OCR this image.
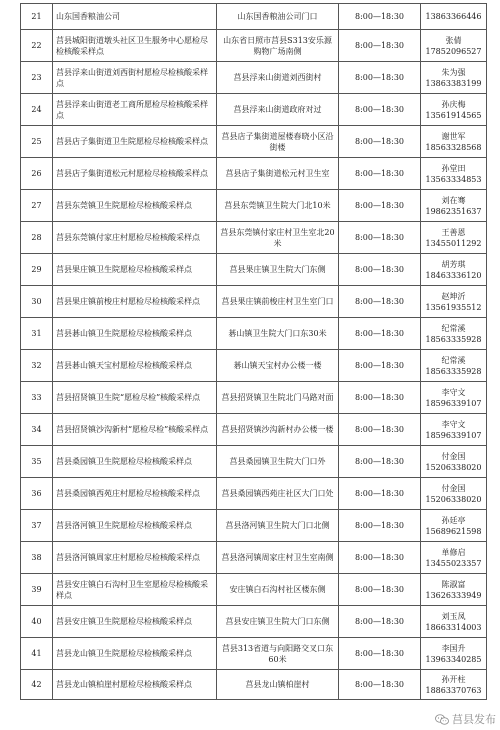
21	山东国香粮油公司	山东国香粮油公司门口	8:00—18:30	13863366446

22	莒县城阳街道墩头社区卫生服务中心愿检尽检核酸采样点	山东省日照市莒县S313安乐源购物广场南侧	8:00—18:30	张倩
17852096527

23	莒县浮来山街道刘西街村愿检尽检核酸采样点	莒县浮来山街道刘西街村	8:00—18:30	朱为强
13863383199

24	莒县浮来山街道老工商所愿检尽检核酸采样点	莒县浮来山街道政府对过	8:00—18:30	孙庆梅
13561914565

25	莒县店子集街道卫生院愿检尽检核酸采样点	莒县店子集街道屋楼春晓小区沿街楼	8:00—18:30	谢世军
18563328568

26	莒县店子集街道松元村愿检尽检核酸采样点	莒县店子集街道松元村卫生室	8:00—18:30	孙堂田
13563334853

27	莒县东莞镇卫生院愿检尽检核酸采样点	莒县东莞镇卫生院大门北10米	8:00—18:30	刘在骞
19862351637

28	莒县东莞镇付家庄村愿检尽检核酸采样点	莒县东莞镇付家庄村卫生室北20米	8:00—18:30	王善恩
13455011292

29	莒县果庄镇卫生院愿检尽检核酸采样点	莒县果庄镇卫生院大门东侧	8:00—18:30	胡芳琪
18463336120

30	莒县果庄镇前梭庄村愿检尽检核酸采样点	莒县果庄镇前梭庄村卫生室门口	8:00—18:30	赵坤沂
13561935512

31	莒县碁山镇卫生院愿检尽检核酸采样点	碁山镇卫生院大门口东30米	8:00—18:30	纪常溪
18563335928

32	莒县碁山镇天宝村愿检尽检核酸采样点	碁山镇天宝村办公楼一楼	8:00—18:30	纪常溪
18563335928

33	莒县招贤镇卫生院“愿检尽检”核酸采样点	莒县招贤镇卫生院北门马路对面	8:00—18:30	李守文
18596339107

34	莒县招贤镇沙沟新村“愿检尽检”核酸采样点	莒县招贤镇沙沟新村办公楼一楼	8:00—18:30	李守文
18596339107

35	莒县桑园镇卫生院愿检尽检核酸采样点	莒县桑园镇卫生院大门口外	8:00—18:30	付金国
15206338020

36	莒县桑园镇西苑庄村愿检尽检核酸采样点	莒县桑园镇西苑庄社区大门口处	8:00—18:30	付金国
15206338020

37	莒县洛河镇卫生院愿检尽检核酸采样点	莒县洛河镇卫生院大门口北侧	8:00—18:30	孙廷亭
15689621598

38	莒县洛河镇周家庄村愿检尽检核酸采样点	莒县洛河镇周家庄村卫生室南侧	8:00—18:30	单修启
13455023357

39	莒县安庄镇白石沟村卫生室愿检尽检核酸采样点	安庄镇白石沟村社区楼东侧	8:00—18:30	陈淑富
13626333949

40	莒县安庄镇卫生院愿检尽检核酸采样点	莒县安庄镇卫生院大门口东侧	8:00—18:30	刘玉凤
18663314003

41	莒县龙山镇卫生院愿检尽检核酸采样点	莒县313省道与向阳路交叉口东60米	8:00—18:30	李国升
13963340285

42	莒县龙山镇柏崖村愿检尽检核酸采样点	莒县龙山镇柏崖村	8:00—18:30	孙开柱
18863370763
莒县发布
